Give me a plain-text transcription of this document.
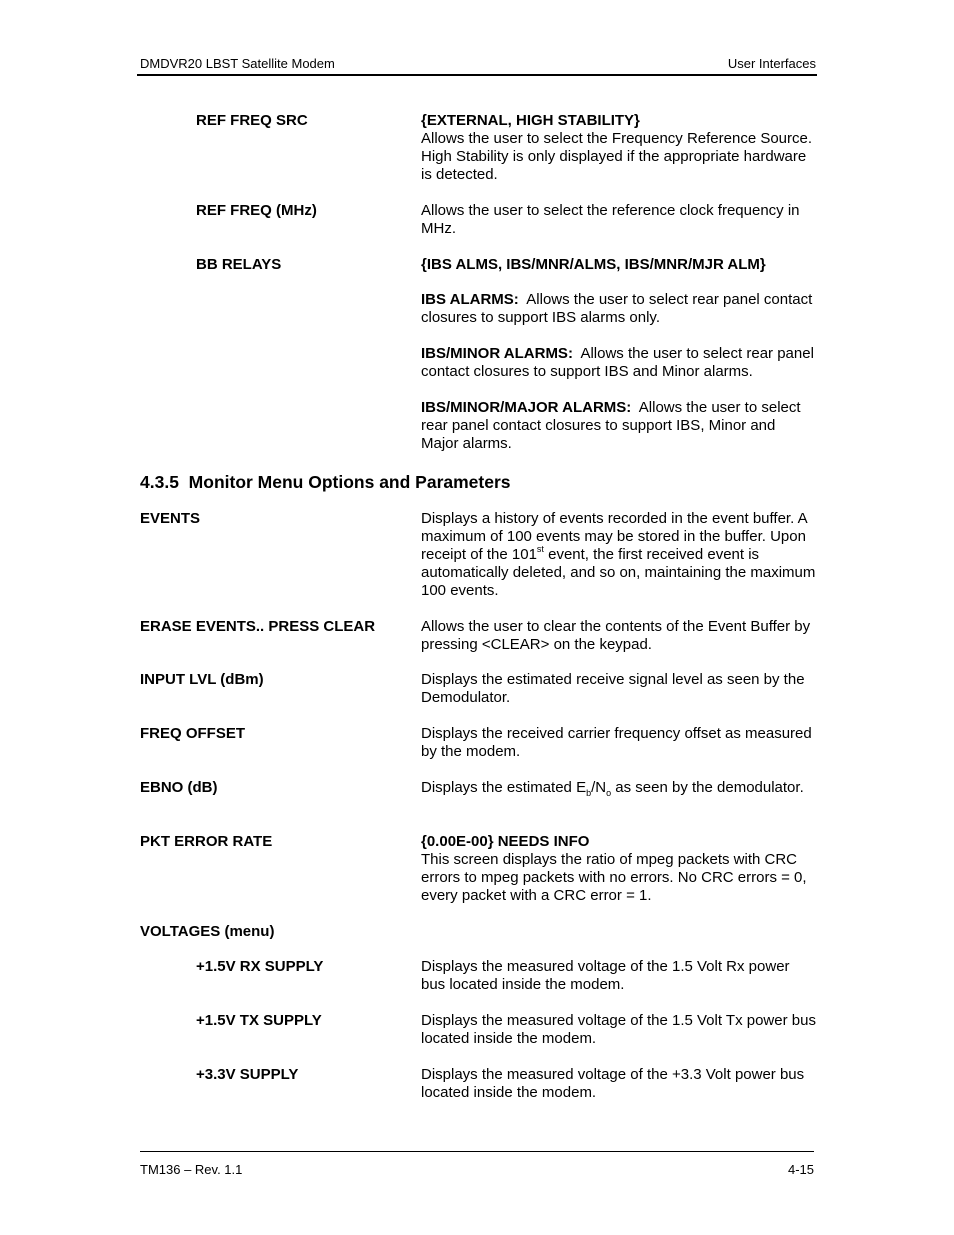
DMDVR20 LBST Satellite Modem	User Interfaces
REF FREQ SRC	{EXTERNAL, HIGH STABILITY}
Allows the user to select the Frequency Reference Source. High Stability is only displayed if the appropriate hardware is detected.
REF FREQ (MHz)	Allows the user to select the reference clock frequency in MHz.
BB RELAYS	{IBS ALMS, IBS/MNR/ALMS, IBS/MNR/MJR ALM}
IBS ALARMS: Allows the user to select rear panel contact closures to support IBS alarms only.
IBS/MINOR ALARMS: Allows the user to select rear panel contact closures to support IBS and Minor alarms.
IBS/MINOR/MAJOR ALARMS: Allows the user to select rear panel contact closures to support IBS, Minor and Major alarms.
4.3.5 Monitor Menu Options and Parameters
EVENTS	Displays a history of events recorded in the event buffer. A maximum of 100 events may be stored in the buffer. Upon receipt of the 101st event, the first received event is automatically deleted, and so on, maintaining the maximum 100 events.
ERASE EVENTS.. PRESS CLEAR	Allows the user to clear the contents of the Event Buffer by pressing <CLEAR> on the keypad.
INPUT LVL (dBm)	Displays the estimated receive signal level as seen by the Demodulator.
FREQ OFFSET	Displays the received carrier frequency offset as measured by the modem.
EBNO (dB)	Displays the estimated $E_b/N_o$ as seen by the demodulator.
PKT ERROR RATE	{0.00E-00} NEEDS INFO
This screen displays the ratio of mpeg packets with CRC errors to mpeg packets with no errors. No CRC errors = 0, every packet with a CRC error = 1.
VOLTAGES (menu)
+1.5V RX SUPPLY	Displays the measured voltage of the 1.5 Volt Rx power bus located inside the modem.
+1.5V TX SUPPLY	Displays the measured voltage of the 1.5 Volt Tx power bus located inside the modem.
+3.3V SUPPLY	Displays the measured voltage of the +3.3 Volt power bus located inside the modem.
TM136 – Rev. 1.1	4-15
